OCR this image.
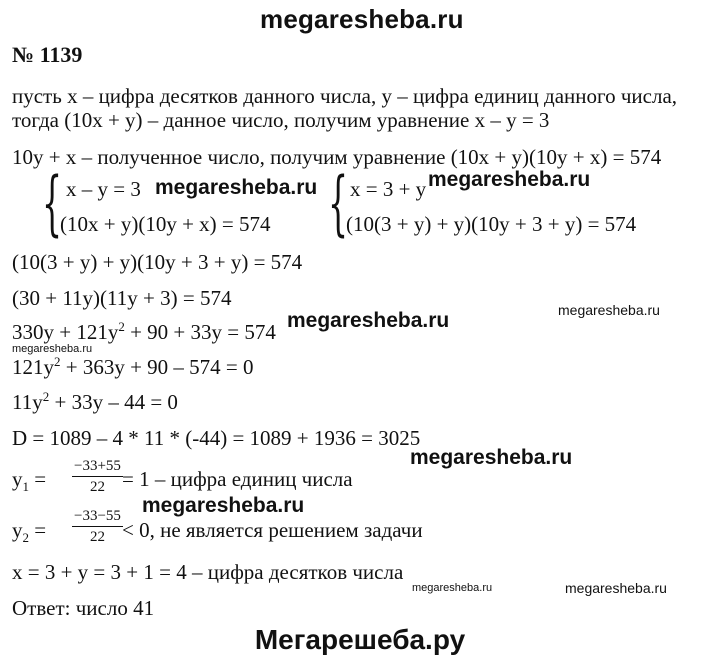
megaresheba.ru
№ 1139
пусть х – цифра десятков данного числа, у – цифра единиц данного числа,
тогда (10х + у) – данное число, получим уравнение х – у = 3
10у + х – полученное число, получим уравнение (10х + у)(10у + х) = 574
{ x – y = 3
(10x + y)(10y + x) = 574 { x = 3 + y
(10(3 + y) + y)(10y + 3 + y) = 574
(10(3 + y) + y)(10y + 3 + y) = 574
(30 + 11y)(11y + 3) = 574
$330y + 121y^2 + 90 + 33y = 574$
$121y^2 + 363y + 90 - 574 = 0$
$11y^2 + 33y - 44 = 0$
D = 1089 – 4 * 11 * (-44) = 1089 + 1936 = 3025
$y_1 = \frac{-33+55}{22} = 1$ – цифра единиц числа
$y_2 = \frac{-33-55}{22} < 0$, не является решением задачи
x = 3 + y = 3 + 1 = 4 – цифра десятков числа
Ответ: число 41
megaresheba.ru	megaresheba.ru
megaresheba.ru
megaresheba.ru
megaresheba.ru
megaresheba.ru
megaresheba.ru
megaresheba.ru	megaresheba.ru
Мегарешеба.ру
